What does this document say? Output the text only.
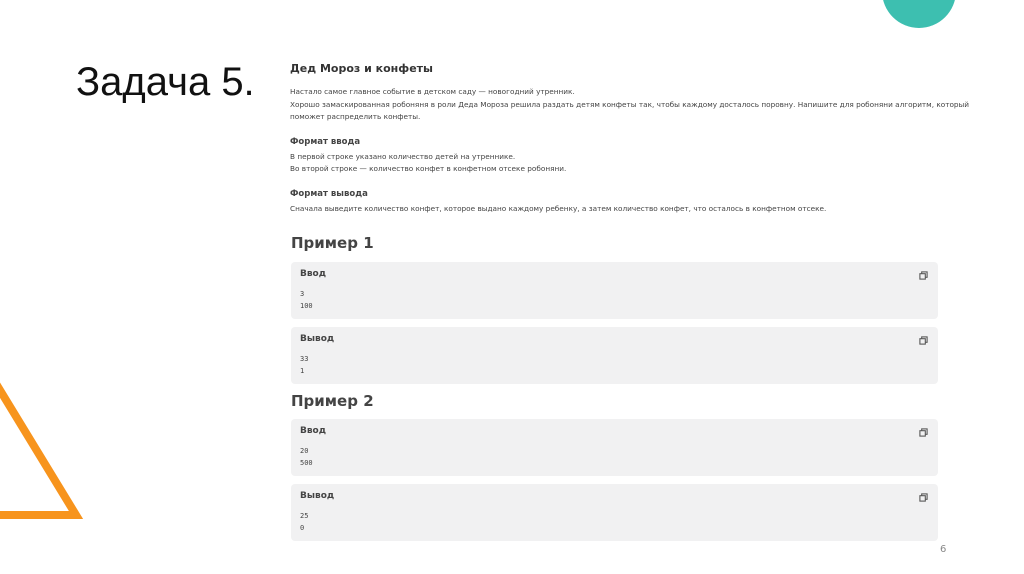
Задача 5.	Дед Мороз и конфеты

Настало самое главное событие в детском саду — новогодний утренник.

Хорошо замаскированная робоняня в роли Деда Мороза решила раздать детям конфеты так, чтобы каждому досталось поровну. Напишите для робоняни алгоритм, который

поможет распределить конфеты.

Формат ввода

В первой строке указано количество детей на утреннике.

Во второй строке — количество конфет в конфетном отсеке робоняни.

Формат вывода

Сначала выведите количество конфет, которое выдано каждому ребенку, а затем количество конфет, что осталось в конфетном отсеке.

Пример 1
Ввод
3
100
Вывод
33
1
Пример 2
Ввод
20
500
Вывод
25
0
6
